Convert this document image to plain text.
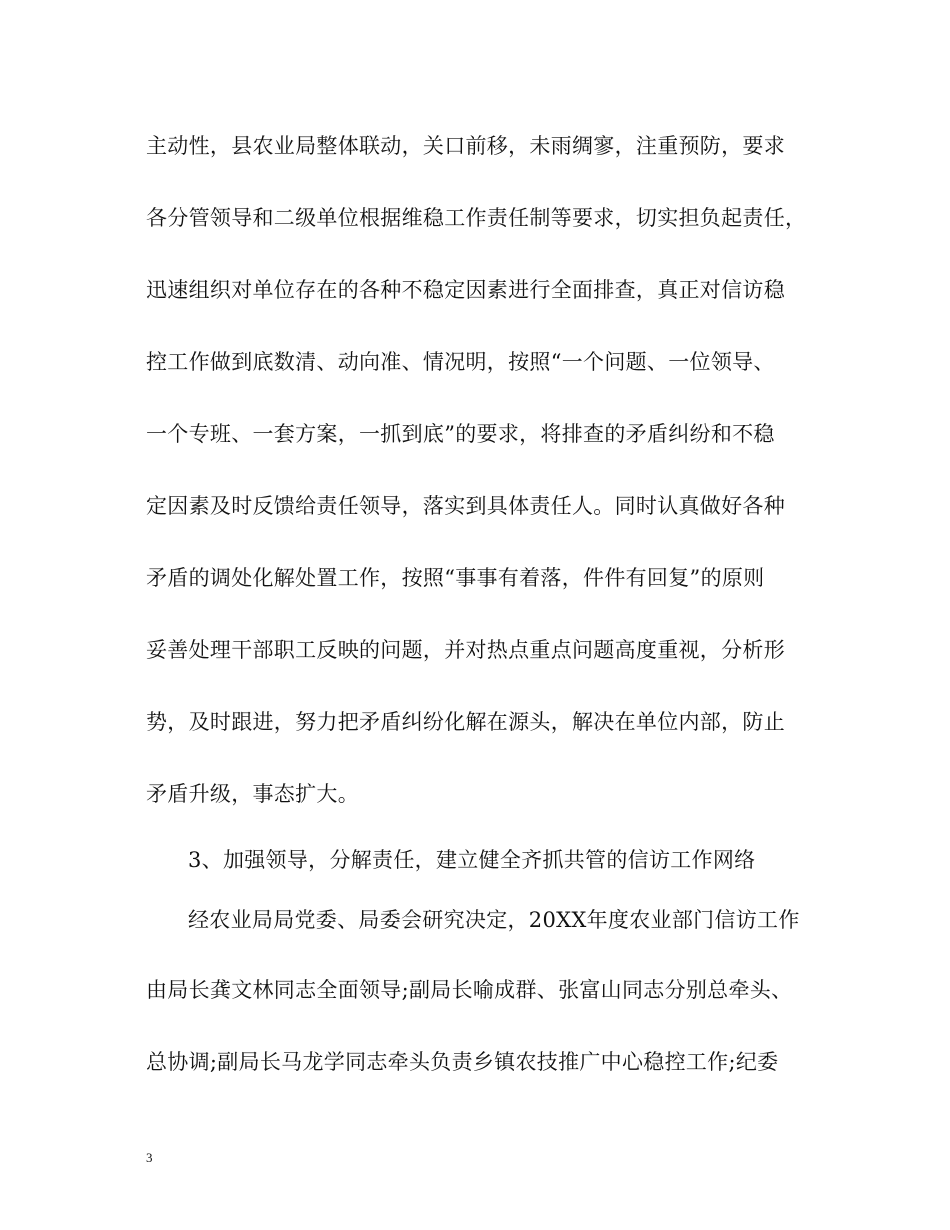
主动性，县农业局整体联动，关口前移，未雨绸寥，注重预防，要求
各分管领导和二级单位根据维稳工作责任制等要求，切实担负起责任，
迅速组织对单位存在的各种不稳定因素进行全面排查，真正对信访稳
控工作做到底数清、动向准、情况明，按照“一个问题、一位领导、
一个专班、一套方案，一抓到底”的要求，将排查的矛盾纠纷和不稳
定因素及时反馈给责任领导，落实到具体责任人。同时认真做好各种
矛盾的调处化解处置工作，按照“事事有着落，件件有回复”的原则
妥善处理干部职工反映的问题，并对热点重点问题高度重视，分析形
势，及时跟进，努力把矛盾纠纷化解在源头，解决在单位内部，防止
矛盾升级，事态扩大。
3、加强领导，分解责任，建立健全齐抓共管的信访工作网络
经农业局局党委、局委会研究决定，20XX年度农业部门信访工作
由局长龚文林同志全面领导;副局长喻成群、张富山同志分别总牵头、
总协调;副局长马龙学同志牵头负责乡镇农技推广中心稳控工作;纪委
3
